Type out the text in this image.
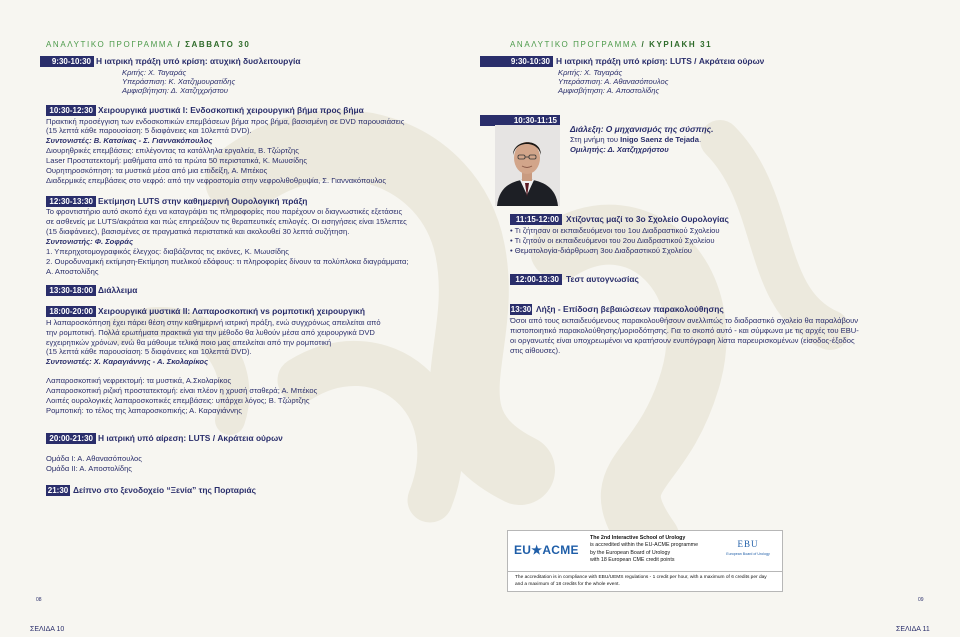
ΑΝΑΛΥΤΙΚΟ ΠΡΟΓΡΑΜΜΑ / ΣΑΒΒΑΤΟ 30
9:30-10:30 Η ιατρική πράξη υπό κρίση: ατυχική δυσλειτουργία
Κριτής: Χ. Ταγαράς
Υπεράσπιση: Κ. Χατζημουρατίδης
Αμφισβήτηση: Δ. Χατζηχρήστου
10:30-12:30 Χειρουργικά μυστικά Ι: Ενδοσκοπική χειρουργική βήμα προς βήμα
Πρακτική προσέγγιση των ενδοσκοπικών επεμβάσεων βήμα προς βήμα, βασισμένη σε DVD παρουσιάσεις
(15 λεπτά κάθε παρουσίαση: 5 διαφάνειες και 10λεπτά DVD).
Συντονιστές: Β. Κατσίκας - Σ. Γιαννακόπουλος
Διουρηθρικές επεμβάσεις: επιλέγοντας τα κατάλληλα εργαλεία, Β. Τζώρτζης
Laser Προστατεκτομή: μαθήματα από τα πρώτα 50 περιστατικά, Κ. Μωυσίδης
Ουρητηροσκόπηση: τα μυστικά μέσα από μια επιδείξη, Α. Μπέκος
Διαδερμικές επεμβάσεις στο νεφρό: από την νεφροστομία στην νεφρολιθοθρυψία, Σ. Γιαννακόπουλος
12:30-13:30 Εκτίμηση LUTS στην καθημερινή Ουρολογική πράξη
Το φροντιστήριο αυτό σκοπό έχει να καταγράψει τις πληροφορίες που παρέχουν οι διαγνωστικές εξετάσεις
σε ασθενείς με LUTS/ακράτεια και πώς επηρεάζουν τις θεραπευτικές επιλογές. Οι εισηγήσεις είναι 15λεπτες
(15 διαφάνειες), βασισμένες σε πραγματικά περιστατικά και ακολουθεί 30 λεπτά συζήτηση.
Συντονιστής: Φ. Σοφράς
1. Υπερηχοτομογραφικός έλεγχος: διαβάζοντας τις εικόνες, Κ. Μωυσίδης
2. Ουροδυναμική εκτίμηση-Εκτίμηση πυελικού εδάφους: τι πληροφορίες δίνουν τα πολύπλοκα διαγράμματα;
Α. Αποστολίδης
13:30-18:00 Διάλλειμα
18:00-20:00 Χειρουργικά μυστικά ΙΙ: Λαπαροσκοπική vs ρομποτική χειρουργική
Η λαπαροσκόπηση έχει πάρει θέση στην καθημερινή ιατρική πράξη, ενώ συγχρόνως απειλείται από
την ρομποτική. Πολλά ερωτήματα πρακτικά για την μέθοδο θα λυθούν μέσα από χειρουργικά DVD
εγχειρητικών χρόνων, ενώ θα μάθουμε τελικά ποιο μας απειλείται από την ρομποτική
(15 λεπτά κάθε παρουσίαση: 5 διαφάνειες και 10λεπτά DVD).
Συντονιστές: Χ. Καραγιάννης - Α. Σκολαρίκος
Λαπαροσκοπική νεφρεκτομή: τα μυστικά, Α.Σκολαρίκος
Λαπαροσκοπική ριζική προστατεκτομή: είναι πλέον η χρυσή σταθερά; Α. Μπέκος
Λοιπές ουρολογικές λαπαροσκοπικές επεμβάσεις: υπάρχει λόγος; Β. Τζώρτζης
Ρομποτική: το τέλος της λαπαροσκοπικής; Α. Καραγιάννης
20:00-21:30 Η ιατρική υπό αίρεση: LUTS / Ακράτεια ούρων
Ομάδα Ι: Α. Αθανασόπουλος
Ομάδα ΙΙ: Α. Αποστολίδης
21:30 Δείπνο στο ξενοδοχείο “Ξενία” της Πορταριάς
08
ΣΕΛΙΔΑ 10
ΑΝΑΛΥΤΙΚΟ ΠΡΟΓΡΑΜΜΑ / ΚΥΡΙΑΚΗ 31
9:30-10:30 Η ιατρική πράξη υπό κρίση: LUTS / Ακράτεια ούρων
Κριτής: Χ. Ταγαράς
Υπεράσπιση: Α. Αθανασόπουλος
Αμφισβήτηση: Α. Αποστολίδης
10:30-11:15
Διάλεξη: Ο μηχανισμός της σύσπης.
Στη μνήμη του Inigo Saenz de Tejada.
Ομιλητής: Δ. Χατζηχρήστου
11:15-12:00 Χτίζοντας μαζί το 3ο Σχολείο Ουρολογίας
• Τι ζήτησαν οι εκπαιδευόμενοι του 1ου Διαδραστικού Σχολείου
• Τι ζητούν οι εκπαιδευόμενοι του 2ου Διαδραστικού Σχολείου
• Θεματολογία-διάρθρωση 3ου Διαδραστικού Σχολείου
12:00-13:30 Τεστ αυτογνωσίας
13:30 Λήξη - Επίδοση βεβαιώσεων παρακολούθησης
Όσοι από τους εκπαιδευόμενους παρακολουθήσουν ανελλιπώς το διαδραστικό σχολείο θα παραλάβουν
πιστοποιητικό παρακολούθησης/μοριοδότησης. Για το σκοπό αυτό - και σύμφωνα με τις αρχές του EBU-
οι οργανωτές είναι υποχρεωμένοι να κρατήσουν ενυπόγραφη λίστα παρευρισκομένων (είσοδος-έξοδος
στις αίθουσες).
09
ΣΕΛΙΔΑ 11
EU★ACME
The 2nd Interactive School of Urology
is accredited within the EU-ACME programme
by the European Board of Urology
with 18 European CME credit points
EBU
European Board of Urology
The accreditation is in compliance with EBU/UEMS regulations - 1 credit per hour, with a maximum of 6 credits per day
and a maximum of 18 credits for the whole event.
